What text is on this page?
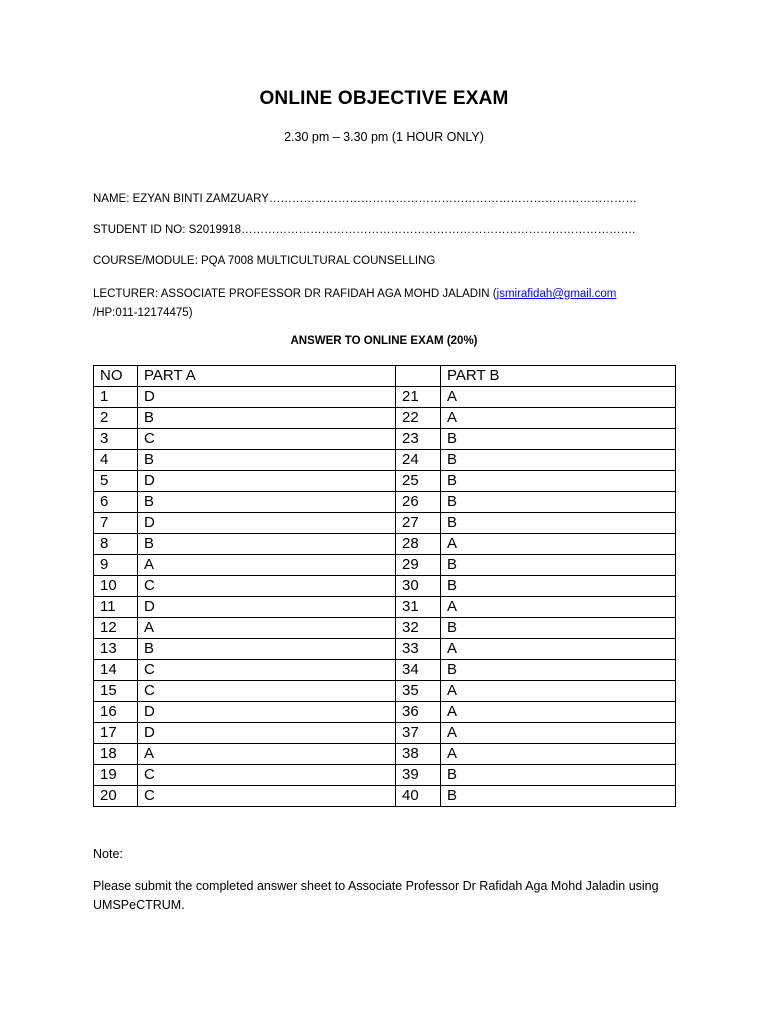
ONLINE OBJECTIVE EXAM
2.30 pm – 3.30 pm (1 HOUR ONLY)
NAME: EZYAN BINTI ZAMZUARY……………………………………………………………………………………
STUDENT ID NO: S2019918………………………………………………………………………………………….
COURSE/MODULE: PQA 7008 MULTICULTURAL COUNSELLING
LECTURER: ASSOCIATE PROFESSOR DR RAFIDAH AGA MOHD JALADIN (jsmirafidah@gmail.com
/HP:011-12174475)
ANSWER TO ONLINE EXAM (20%)
NO	PART A		PART B
1	D	21	A
2	B	22	A
3	C	23	B
4	B	24	B
5	D	25	B
6	B	26	B
7	D	27	B
8	B	28	A
9	A	29	B
10	C	30	B
11	D	31	A
12	A	32	B
13	B	33	A
14	C	34	B
15	C	35	A
16	D	36	A
17	D	37	A
18	A	38	A
19	C	39	B
20	C	40	B
Note:
Please submit the completed answer sheet to Associate Professor Dr Rafidah Aga Mohd Jaladin using UMSPeCTRUM.
